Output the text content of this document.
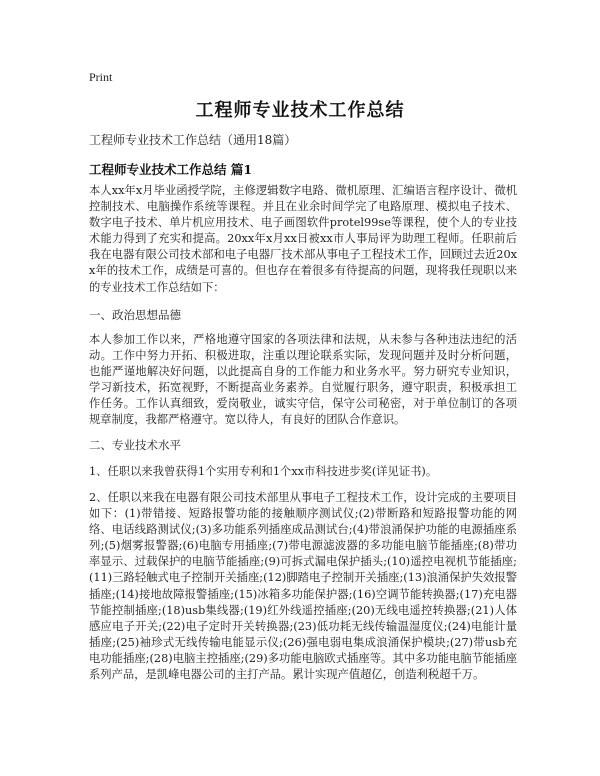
Print
工程师专业技术工作总结
工程师专业技术工作总结（通用18篇）
工程师专业技术工作总结 篇1
本人xx年x月毕业函授学院，主修逻辑数字电路、微机原理、汇编语言程序设计、微机控制技术、电脑操作系统等课程。并且在业余时间学完了电路原理、模拟电子技术、数字电子技术、单片机应用技术、电子画图软件protel99se等课程，使个人的专业技术能力得到了充实和提高。20xx年x月xx日被xx市人事局评为助理工程师。任职前后我在电器有限公司技术部和电子电器厂技术部从事电子工程技术工作，回顾过去近20xx年的技术工作，成绩是可喜的。但也存在着很多有待提高的问题，现将我任现职以来的专业技术工作总结如下：
一、政治思想品德
本人参加工作以来，严格地遵守国家的各项法律和法规，从未参与各种违法违纪的活动。工作中努力开拓、积极进取，注重以理论联系实际，发现问题并及时分析问题，也能严谨地解决好问题，以此提高自身的工作能力和业务水平。努力研究专业知识，学习新技术，拓宽视野，不断提高业务素养。自觉履行职务，遵守职责，积极承担工作任务。工作认真细致，爱岗敬业，诚实守信，保守公司秘密，对于单位制订的各项规章制度，我都严格遵守。宽以待人，有良好的团队合作意识。
二、专业技术水平
1、任职以来我曾获得1个实用专利和1个xx市科技进步奖(详见证书)。
2、任职以来我在电器有限公司技术部里从事电子工程技术工作，设计完成的主要项目如下：(1)带错接、短路报警功能的接触顺序测试仪;(2)带断路和短路报警功能的网络、电话线路测试仪;(3)多功能系列插座成品测试台;(4)带浪涌保护功能的电源插座系列;(5)烟雾报警器;(6)电脑专用插座;(7)带电源滤波器的多功能电脑节能插座;(8)带功率显示、过载保护的电脑节能插座;(9)可拆式漏电保护插头;(10)遥控电视机节能插座;(11)三路轻触式电子控制开关插座;(12)脚踏电子控制开关插座;(13)浪涌保护失效报警插座;(14)接地故障报警插座;(15)冰箱多功能保护器;(16)空调节能转换器;(17)充电器节能控制插座;(18)usb集线器;(19)红外线遥控插座;(20)无线电遥控转换器;(21)人体感应电子开关;(22)电子定时开关转换器;(23)低功耗无线传输温湿度仪;(24)电能计量插座;(25)袖珍式无线传输电能显示仪;(26)强电弱电集成浪涌保护模块;(27)带usb充电功能插座;(28)电脑主控插座;(29)多功能电脑欧式插座等。其中多功能电脑节能插座系列产品，是凯峰电器公司的主打产品。累计实现产值超亿，创造利税超千万。
